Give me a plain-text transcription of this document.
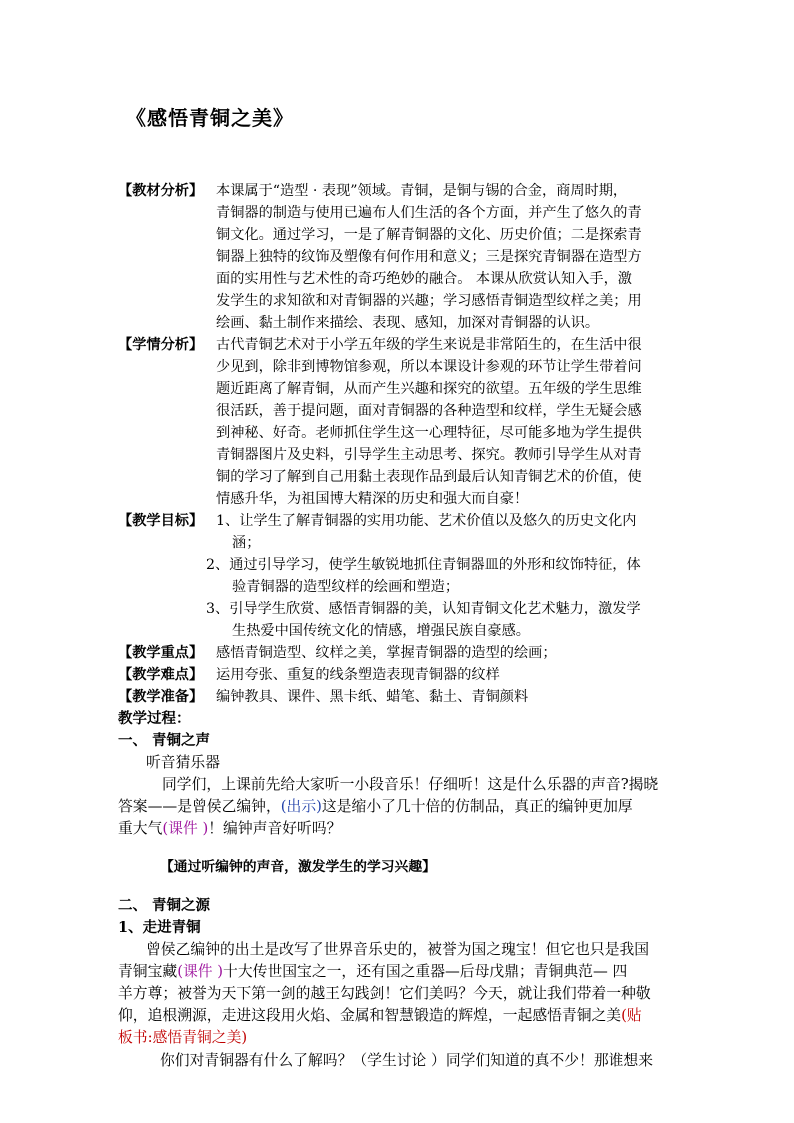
《感悟青铜之美》

【教材分析】 本课属于“造型 · 表现”领域。青铜，是铜与锡的合金，商周时期，
青铜器的制造与使用已遍布人们生活的各个方面，并产生了悠久的青
铜文化。通过学习，一是了解青铜器的文化、历史价值；二是探索青
铜器上独特的纹饰及塑像有何作用和意义；三是探究青铜器在造型方
面的实用性与艺术性的奇巧绝妙的融合。 本课从欣赏认知入手，激
发学生的求知欲和对青铜器的兴趣；学习感悟青铜造型纹样之美；用
绘画、黏土制作来描绘、表现、感知，加深对青铜器的认识。
【学情分析】 古代青铜艺术对于小学五年级的学生来说是非常陌生的，在生活中很
少见到，除非到博物馆参观，所以本课设计参观的环节让学生带着问
题近距离了解青铜，从而产生兴趣和探究的欲望。五年级的学生思维
很活跃，善于提问题，面对青铜器的各种造型和纹样，学生无疑会感
到神秘、好奇。老师抓住学生这一心理特征，尽可能多地为学生提供
青铜器图片及史料，引导学生主动思考、探究。教师引导学生从对青
铜的学习了解到自己用黏土表现作品到最后认知青铜艺术的价值，使
情感升华，为祖国博大精深的历史和强大而自豪！
【教学目标】 1、让学生了解青铜器的实用功能、艺术价值以及悠久的历史文化内
涵；
2、通过引导学习，使学生敏锐地抓住青铜器皿的外形和纹饰特征，体
验青铜器的造型纹样的绘画和塑造；
3、引导学生欣赏、感悟青铜器的美，认知青铜文化艺术魅力，激发学
生热爱中国传统文化的情感，增强民族自豪感。
【教学重点】 感悟青铜造型、纹样之美，掌握青铜器的造型的绘画；
【教学难点】 运用夸张、重复的线条塑造表现青铜器的纹样
【教学准备】 编钟教具、课件、黑卡纸、蜡笔、黏土、青铜颜料
教学过程：
一、 青铜之声
听音猜乐器
同学们，上课前先给大家听一小段音乐！仔细听！这是什么乐器的声音?揭晓
答案——是曾侯乙编钟，(出示)这是缩小了几十倍的仿制品，真正的编钟更加厚
重大气(课件 )！编钟声音好听吗？
【通过听编钟的声音，激发学生的学习兴趣】
二、 青铜之源
1、走进青铜
曾侯乙编钟的出土是改写了世界音乐史的，被誉为国之瑰宝！但它也只是我国
青铜宝藏(课件 )十大传世国宝之一，还有国之重器—后母戊鼎；青铜典范— 四
羊方尊；被誉为天下第一剑的越王勾践剑！它们美吗？今天，就让我们带着一种敬
仰，追根溯源，走进这段用火焰、金属和智慧锻造的辉煌，一起感悟青铜之美(贴
板书:感悟青铜之美)
你们对青铜器有什么了解吗？（学生讨论 ）同学们知道的真不少！那谁想来
